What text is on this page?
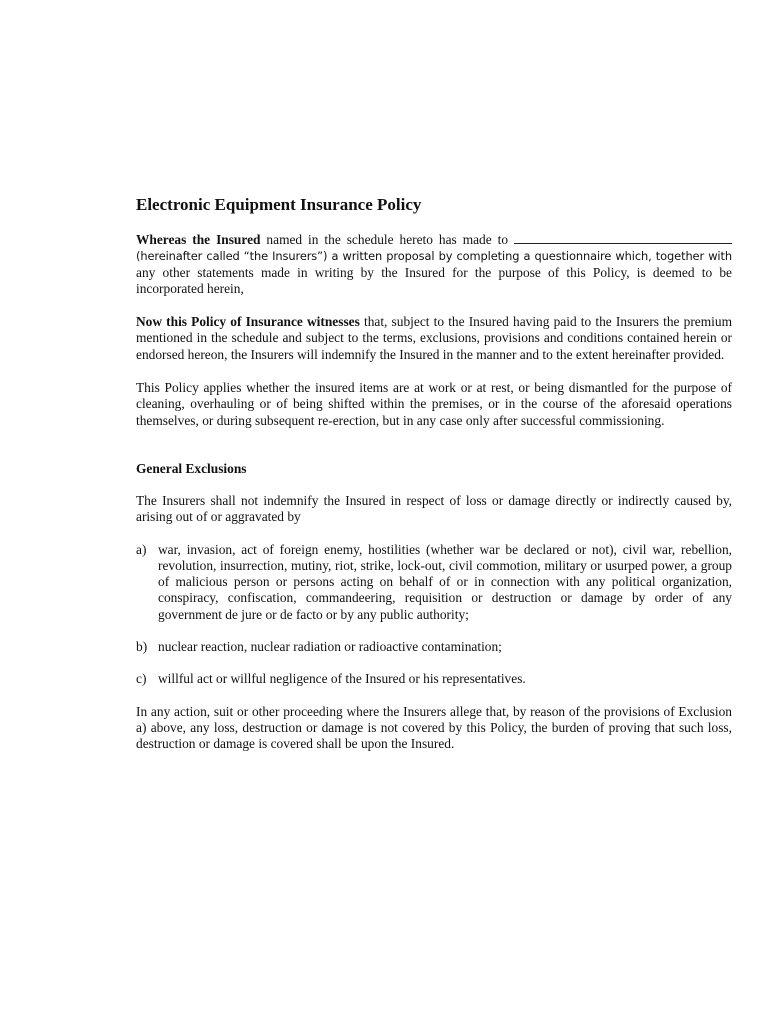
Electronic Equipment Insurance Policy

Whereas the Insured named in the schedule hereto has made to  (hereinafter called “the Insurers”) a written proposal by completing a questionnaire which, together with any other statements made in writing by the Insured for the purpose of this Policy, is deemed to be incorporated herein,

Now this Policy of Insurance witnesses that, subject to the Insured having paid to the Insurers the premium mentioned in the schedule and subject to the terms, exclusions, provisions and conditions contained herein or endorsed hereon, the Insurers will indemnify the Insured in the manner and to the extent hereinafter provided.

This Policy applies whether the insured items are at work or at rest, or being dismantled for the purpose of cleaning, overhauling or of being shifted within the premises, or in the course of the aforesaid operations themselves, or during subsequent re-erection, but in any case only after successful commissioning.

General Exclusions

The Insurers shall not indemnify the Insured in respect of loss or damage directly or indirectly caused by, arising out of or aggravated by

a) war, invasion, act of foreign enemy, hostilities (whether war be declared or not), civil war, rebellion, revolution, insurrection, mutiny, riot, strike, lock-out, civil commotion, military or usurped power, a group of malicious person or persons acting on behalf of or in connection with any political organization, conspiracy, confiscation, commandeering, requisition or destruction or damage by order of any government de jure or de facto or by any public authority;
b) nuclear reaction, nuclear radiation or radioactive contamination;
c) willful act or willful negligence of the Insured or his representatives.

In any action, suit or other proceeding where the Insurers allege that, by reason of the provisions of Exclusion a) above, any loss, destruction or damage is not covered by this Policy, the burden of proving that such loss, destruction or damage is covered shall be upon the Insured.
